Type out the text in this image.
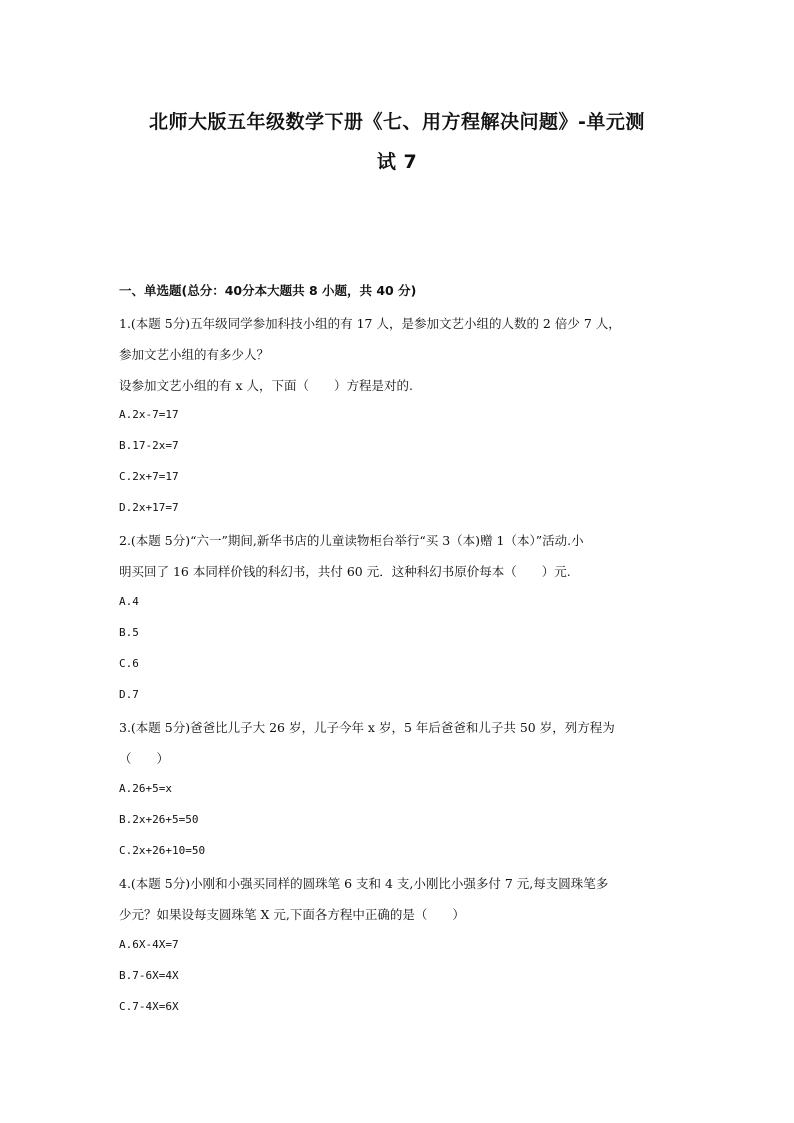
北师大版五年级数学下册《七、用方程解决问题》-单元测
试 7
一、单选题(总分：40分本大题共 8 小题，共 40 分)
1.(本题 5分)五年级同学参加科技小组的有 17 人，是参加文艺小组的人数的 2 倍少 7 人，
参加文艺小组的有多少人？
设参加文艺小组的有 x 人，下面（　　）方程是对的.
A.2x-7=17
B.17-2x=7
C.2x+7=17
D.2x+17=7
2.(本题 5分)“六一”期间,新华书店的儿童读物柜台举行“买 3（本)赠 1（本）”活动.小
明买回了 16 本同样价钱的科幻书，共付 60 元．这种科幻书原价每本（　　）元.
A.4
B.5
C.6
D.7
3.(本题 5分)爸爸比儿子大 26 岁，儿子今年 x 岁，5 年后爸爸和儿子共 50 岁，列方程为
（　　）
A.26+5=x
B.2x+26+5=50
C.2x+26+10=50
4.(本题 5分)小刚和小强买同样的圆珠笔 6 支和 4 支,小刚比小强多付 7 元,每支圆珠笔多
少元？如果设每支圆珠笔 X 元,下面各方程中正确的是（　　）
A.6X-4X=7
B.7-6X=4X
C.7-4X=6X
